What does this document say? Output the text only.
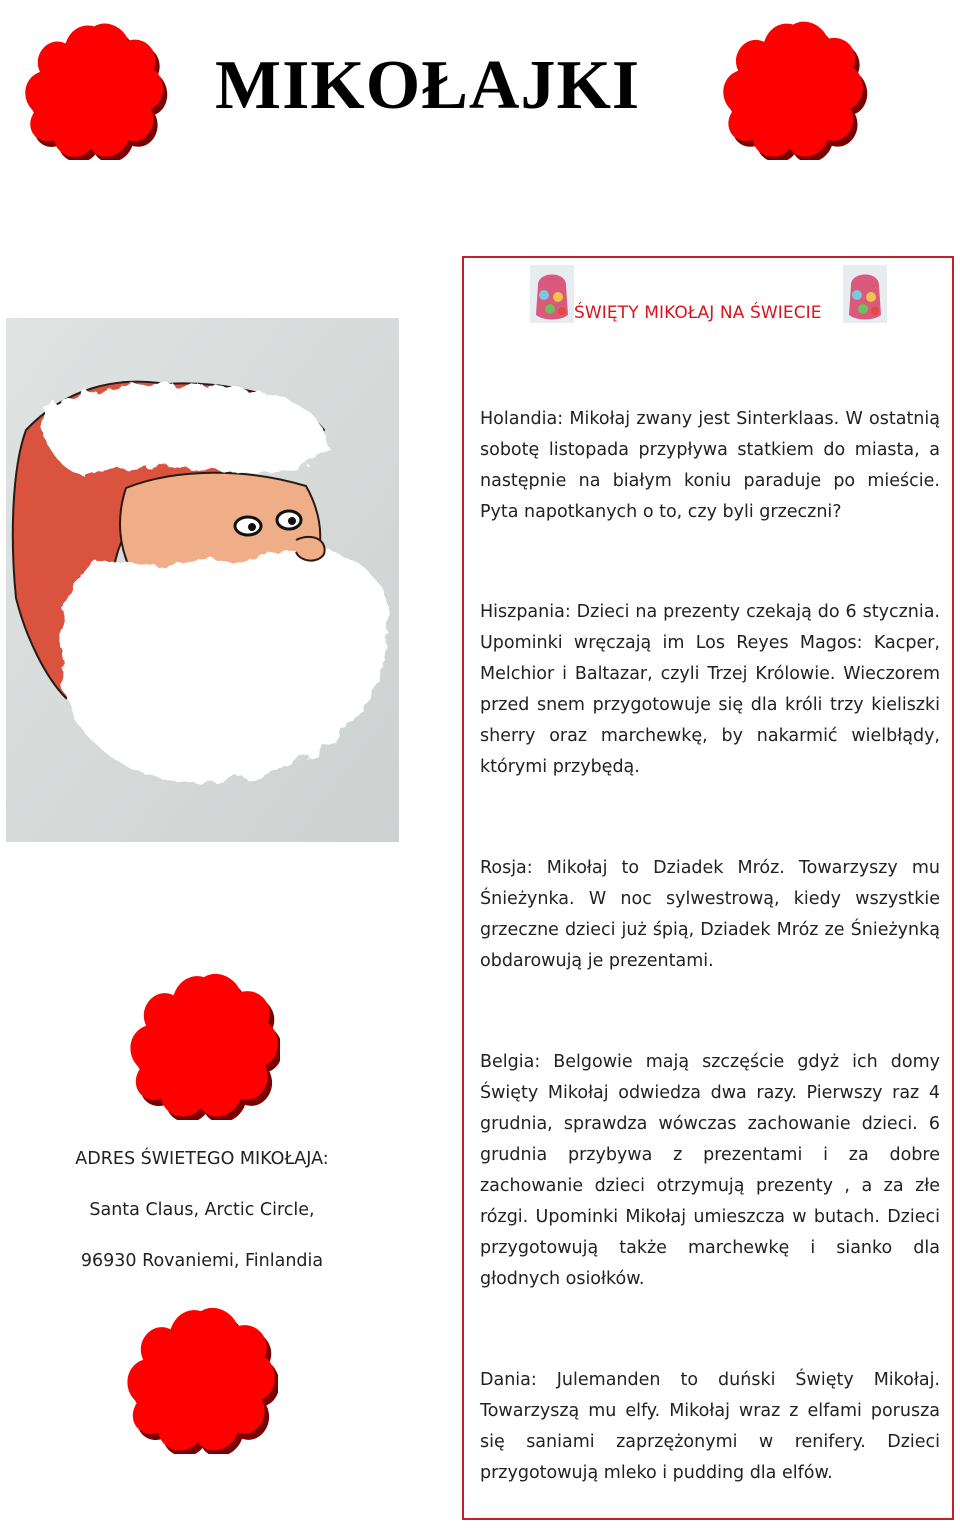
MIKOŁAJKI
ŚWIĘTY MIKOŁAJ NA ŚWIECIE

Holandia: Mikołaj zwany jest Sinterklaas. W ostatnią sobotę listopada przypływa statkiem do miasta, a następnie na białym koniu paraduje po mieście. Pyta napotkanych o to, czy byli grzeczni?

Hiszpania: Dzieci na prezenty czekają do 6 stycznia. Upominki wręczają im Los Reyes Magos: Kacper, Melchior i Baltazar, czyli Trzej Królowie. Wieczorem przed snem przygotowuje się dla króli trzy kieliszki sherry oraz marchewkę, by nakarmić wielbłądy, którymi przybędą.

Rosja: Mikołaj to Dziadek Mróz. Towarzyszy mu Śnieżynka. W noc sylwestrową, kiedy wszystkie grzeczne dzieci już śpią, Dziadek Mróz ze Śnieżynką obdarowują je prezentami.

Belgia: Belgowie mają szczęście gdyż ich domy Święty Mikołaj odwiedza dwa razy. Pierwszy raz 4 grudnia, sprawdza wówczas zachowanie dzieci. 6 grudnia przybywa z prezentami i za dobre zachowanie dzieci otrzymują prezenty , a za złe rózgi. Upominki Mikołaj umieszcza w butach. Dzieci przygotowują także marchewkę i sianko dla głodnych osiołków.

Dania: Julemanden to duński Święty Mikołaj. Towarzyszą mu elfy. Mikołaj wraz z elfami porusza się saniami zaprzężonymi w renifery. Dzieci przygotowują mleko i pudding dla elfów.

ADRES ŚWIETEGO MIKOŁAJA:
Santa Claus, Arctic Circle,
96930 Rovaniemi, Finlandia
